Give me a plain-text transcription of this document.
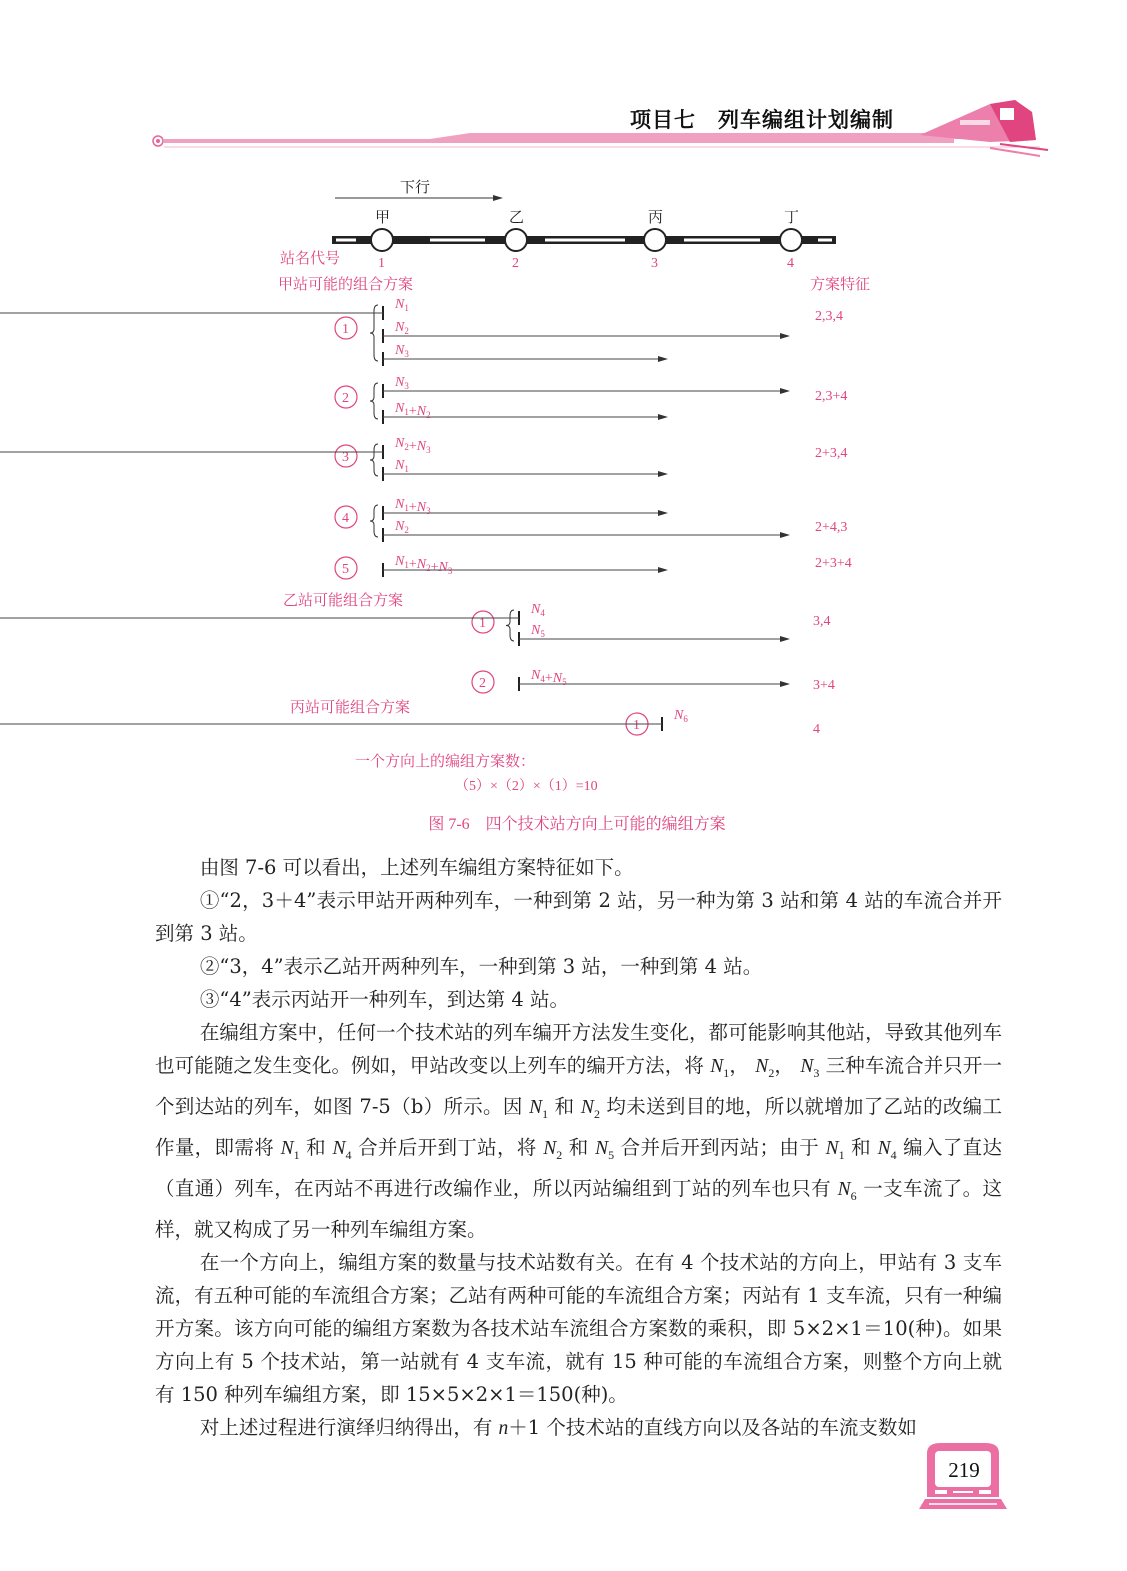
项目七　列车编组计划编制
下行
甲
1
乙
2
丙
3
丁
4
站名代号
方案特征
甲站可能的组合方案
1
$N_1$
$N_2$
$N_3$
2,3,4
2
$N_3$
$N_1+N_2$
2,3+4
3
$N_2+N_3$
$N_1$
2+3,4
4
$N_1+N_3$
$N_2$	2+4,3
5
$N_1+N_2+N_3$	2+3+4
乙站可能组合方案
1
$N_4$
$N_5$
3,4
2
$N_4+N_5$	3+4
丙站可能组合方案
1
$N_6$
4
一个方向上的编组方案数：
（5）×（2）×（1）=10
图 7-6　四个技术站方向上可能的编组方案

由图 7-6 可以看出，上述列车编组方案特征如下。

①“2，3＋4”表示甲站开两种列车，一种到第 2 站，另一种为第 3 站和第 4 站的车流合并开到第 3 站。

②“3，4”表示乙站开两种列车，一种到第 3 站，一种到第 4 站。

③“4”表示丙站开一种列车，到达第 4 站。

在编组方案中，任何一个技术站的列车编开方法发生变化，都可能影响其他站，导致其他列车也可能随之发生变化。例如，甲站改变以上列车的编开方法，将 $N_1$， $N_2$， $N_3$ 三种车流合并只开一个到达站的列车，如图 7-5（b）所示。因 $N_1$ 和 $N_2$ 均未送到目的地，所以就增加了乙站的改编工作量，即需将 $N_1$ 和 $N_4$ 合并后开到丁站，将 $N_2$ 和 $N_5$ 合并后开到丙站；由于 $N_1$ 和 $N_4$ 编入了直达（直通）列车，在丙站不再进行改编作业，所以丙站编组到丁站的列车也只有 $N_6$ 一支车流了。这样，就又构成了另一种列车编组方案。

在一个方向上，编组方案的数量与技术站数有关。在有 4 个技术站的方向上，甲站有 3 支车流，有五种可能的车流组合方案；乙站有两种可能的车流组合方案；丙站有 1 支车流，只有一种编开方案。该方向可能的编组方案数为各技术站车流组合方案数的乘积，即 5×2×1＝10(种)。如果方向上有 5 个技术站，第一站就有 4 支车流，就有 15 种可能的车流组合方案，则整个方向上就有 150 种列车编组方案，即 15×5×2×1＝150(种)。

对上述过程进行演绎归纳得出，有 n＋1 个技术站的直线方向以及各站的车流支数如

219
